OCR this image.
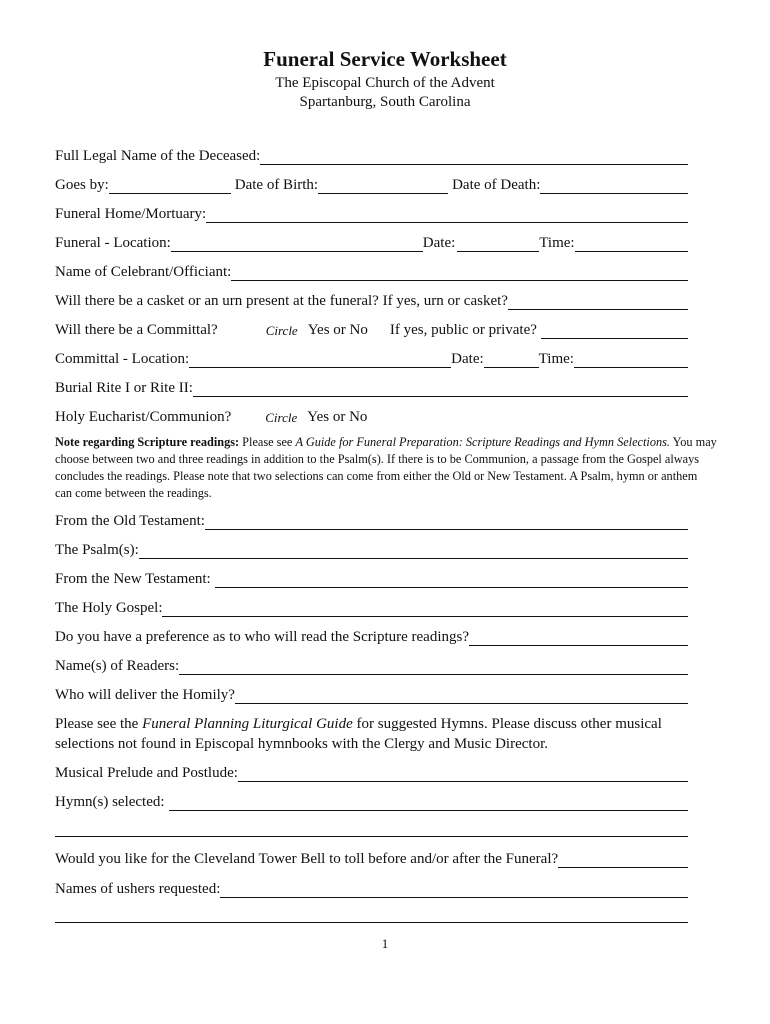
Funeral Service Worksheet
The Episcopal Church of the Advent
Spartanburg, South Carolina
Full Legal Name of the Deceased:
Goes by:	Date of Birth:	Date of Death:
Funeral Home/Mortuary:
Funeral - Location:	Date:	Time:
Name of Celebrant/Officiant:
Will there be a casket or an urn present at the funeral? If yes, urn or casket?
Will there be a Committal?	Circle Yes or No If yes, public or private?
Committal - Location:	Date:	Time:
Burial Rite I or Rite II:
Holy Eucharist/Communion?	Circle Yes or No
Note regarding Scripture readings: Please see A Guide for Funeral Preparation: Scripture Readings and Hymn Selections. You may choose between two and three readings in addition to the Psalm(s). If there is to be Communion, a passage from the Gospel always concludes the readings. Please note that two selections can come from either the Old or New Testament. A Psalm, hymn or anthem can come between the readings.
From the Old Testament:
The Psalm(s):
From the New Testament:
The Holy Gospel:
Do you have a preference as to who will read the Scripture readings?
Name(s) of Readers:
Who will deliver the Homily?
Please see the Funeral Planning Liturgical Guide for suggested Hymns. Please discuss other musical selections not found in Episcopal hymnbooks with the Clergy and Music Director.
Musical Prelude and Postlude:
Hymn(s) selected:
Would you like for the Cleveland Tower Bell to toll before and/or after the Funeral?
Names of ushers requested:
1
